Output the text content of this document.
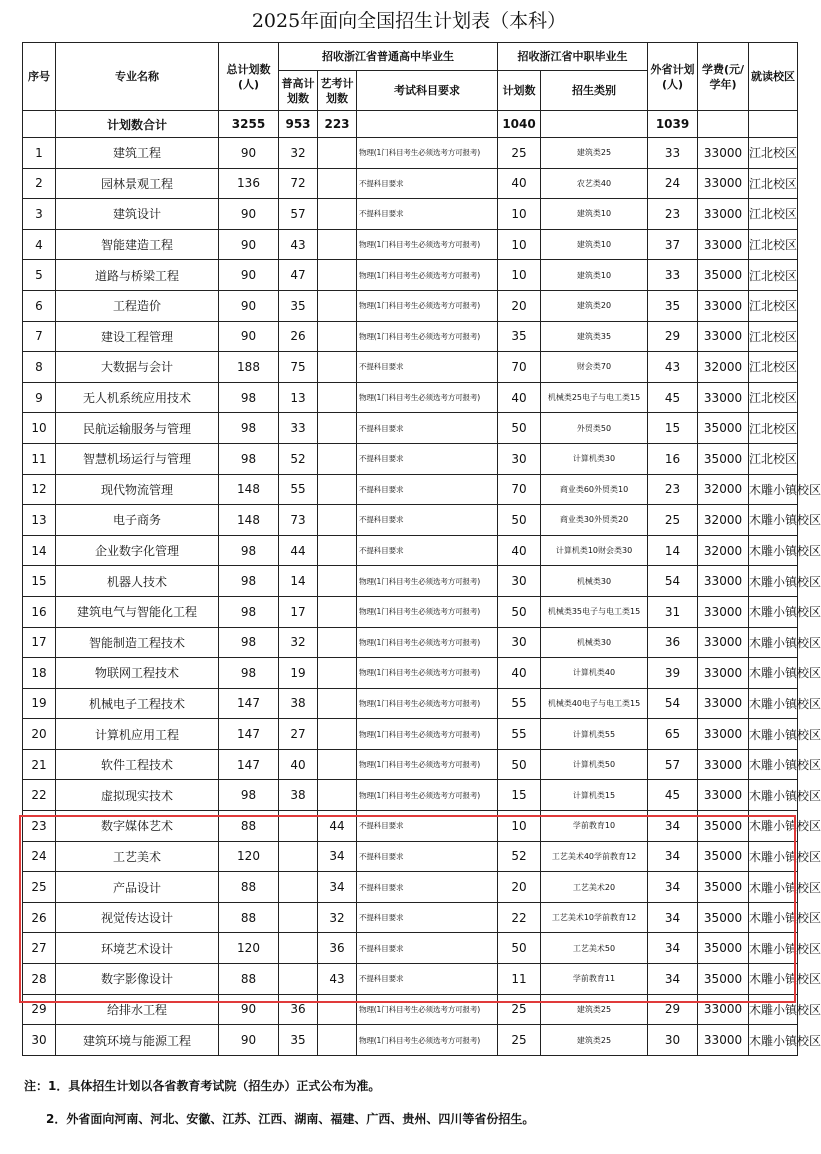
2025年面向全国招生计划表（本科）
序号	专业名称	总计划数(人)	招收浙江省普通高中毕业生			招收浙江省中职毕业生		外省计划(人)	学费(元/学年)	就读校区
			普高计划数	艺考计划数	考试科目要求	计划数	招生类别			
	计划数合计	3255	953	223		1040		1039		
1	建筑工程	90	32		物理(1门科目考生必须选考方可报考)	25	建筑类25	33	33000	江北校区
2	园林景观工程	136	72		不提科目要求	40	农艺类40	24	33000	江北校区
3	建筑设计	90	57		不提科目要求	10	建筑类10	23	33000	江北校区
4	智能建造工程	90	43		物理(1门科目考生必须选考方可报考)	10	建筑类10	37	33000	江北校区
5	道路与桥梁工程	90	47		物理(1门科目考生必须选考方可报考)	10	建筑类10	33	35000	江北校区
6	工程造价	90	35		物理(1门科目考生必须选考方可报考)	20	建筑类20	35	33000	江北校区
7	建设工程管理	90	26		物理(1门科目考生必须选考方可报考)	35	建筑类35	29	33000	江北校区
8	大数据与会计	188	75		不提科目要求	70	财会类70	43	32000	江北校区
9	无人机系统应用技术	98	13		物理(1门科目考生必须选考方可报考)	40	机械类25电子与电工类15	45	33000	江北校区
10	民航运输服务与管理	98	33		不提科目要求	50	外贸类50	15	35000	江北校区
11	智慧机场运行与管理	98	52		不提科目要求	30	计算机类30	16	35000	江北校区
12	现代物流管理	148	55		不提科目要求	70	商业类60外贸类10	23	32000	木雕小镇校区
13	电子商务	148	73		不提科目要求	50	商业类30外贸类20	25	32000	木雕小镇校区
14	企业数字化管理	98	44		不提科目要求	40	计算机类10财会类30	14	32000	木雕小镇校区
15	机器人技术	98	14		物理(1门科目考生必须选考方可报考)	30	机械类30	54	33000	木雕小镇校区
16	建筑电气与智能化工程	98	17		物理(1门科目考生必须选考方可报考)	50	机械类35电子与电工类15	31	33000	木雕小镇校区
17	智能制造工程技术	98	32		物理(1门科目考生必须选考方可报考)	30	机械类30	36	33000	木雕小镇校区
18	物联网工程技术	98	19		物理(1门科目考生必须选考方可报考)	40	计算机类40	39	33000	木雕小镇校区
19	机械电子工程技术	147	38		物理(1门科目考生必须选考方可报考)	55	机械类40电子与电工类15	54	33000	木雕小镇校区
20	计算机应用工程	147	27		物理(1门科目考生必须选考方可报考)	55	计算机类55	65	33000	木雕小镇校区
21	软件工程技术	147	40		物理(1门科目考生必须选考方可报考)	50	计算机类50	57	33000	木雕小镇校区
22	虚拟现实技术	98	38		物理(1门科目考生必须选考方可报考)	15	计算机类15	45	33000	木雕小镇校区
23	数字媒体艺术	88		44	不提科目要求	10	学前教育10	34	35000	木雕小镇校区
24	工艺美术	120		34	不提科目要求	52	工艺美术40学前教育12	34	35000	木雕小镇校区
25	产品设计	88		34	不提科目要求	20	工艺美术20	34	35000	木雕小镇校区
26	视觉传达设计	88		32	不提科目要求	22	工艺美术10学前教育12	34	35000	木雕小镇校区
27	环境艺术设计	120		36	不提科目要求	50	工艺美术50	34	35000	木雕小镇校区
28	数字影像设计	88		43	不提科目要求	11	学前教育11	34	35000	木雕小镇校区
29	给排水工程	90	36		物理(1门科目考生必须选考方可报考)	25	建筑类25	29	33000	木雕小镇校区
30	建筑环境与能源工程	90	35		物理(1门科目考生必须选考方可报考)	25	建筑类25	30	33000	木雕小镇校区
注：1．具体招生计划以各省教育考试院（招生办）正式公布为准。
2．外省面向河南、河北、安徽、江苏、江西、湖南、福建、广西、贵州、四川等省份招生。
